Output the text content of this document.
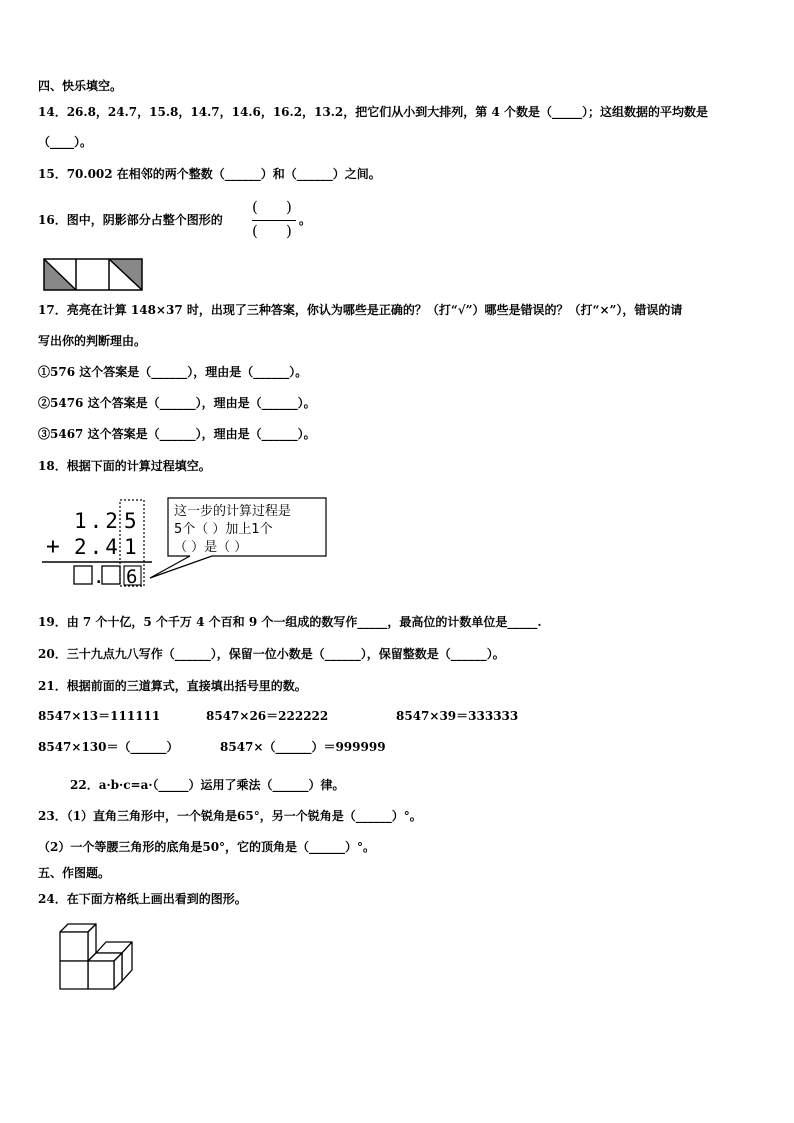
四、快乐填空。
14．26.8，24.7，15.8，14.7，14.6，16.2，13.2，把它们从小到大排列，第 4 个数是（_____）；这组数据的平均数是
（____）。
15．70.002 在相邻的两个整数（______）和（______）之间。
16．图中，阴影部分占整个图形的
( )
( )
。
17．亮亮在计算 148×37 时，出现了三种答案，你认为哪些是正确的？（打“√”）哪些是错误的？（打“×”），错误的请
写出你的判断理由。
①576 这个答案是（______），理由是（______）。
②5476 这个答案是（______），理由是（______）。
③5467 这个答案是（______），理由是（______）。
18．根据下面的计算过程填空。
1.2 5
+ 2.4 1
. 6
这一步的计算过程是
5个（ ）加上1个
（ ）是（ ）
19．由 7 个十亿，5 个千万 4 个百和 9 个一组成的数写作_____，最高位的计数单位是_____.
20．三十九点九八写作（______），保留一位小数是（______），保留整数是（______）。
21．根据前面的三道算式，直接填出括号里的数。
8547×13＝111111	8547×26＝222222	8547×39＝333333
8547×130＝（______）	8547×（______）＝999999
22．a·b·c=a·（_____）运用了乘法（______）律。
23．（1）直角三角形中，一个锐角是65°，另一个锐角是（______）°。
（2）一个等腰三角形的底角是50°，它的顶角是（______）°。
五、作图题。
24．在下面方格纸上画出看到的图形。
